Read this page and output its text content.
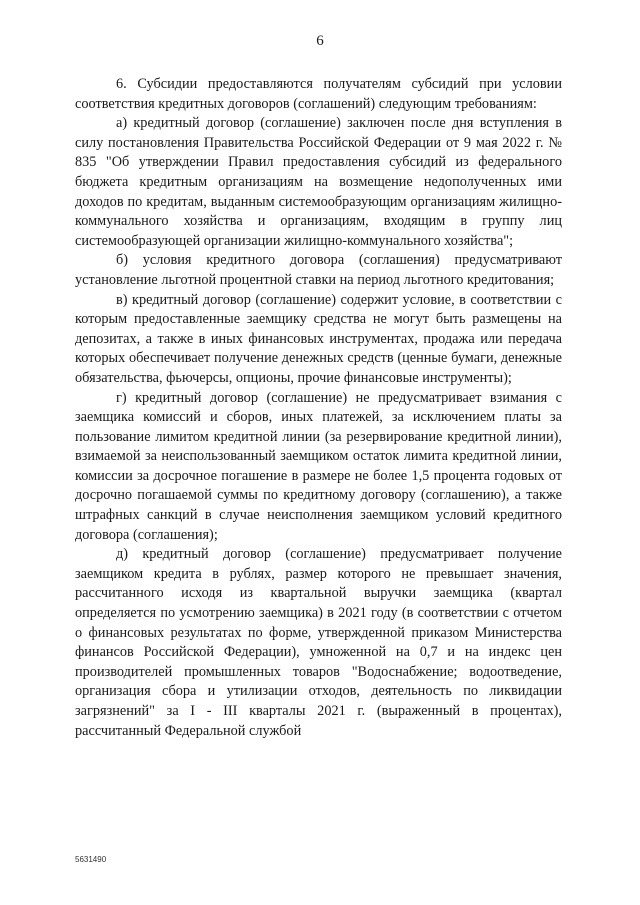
6

6. Субсидии предоставляются получателям субсидий при условии соответствия кредитных договоров (соглашений) следующим требованиям:

а) кредитный договор (соглашение) заключен после дня вступления в силу постановления Правительства Российской Федерации от 9 мая 2022 г. № 835 "Об утверждении Правил предоставления субсидий из федерального бюджета кредитным организациям на возмещение недополученных ими доходов по кредитам, выданным системообразующим организациям жилищно-коммунального хозяйства и организациям, входящим в группу лиц системообразующей организации жилищно-коммунального хозяйства";

б) условия кредитного договора (соглашения) предусматривают установление льготной процентной ставки на период льготного кредитования;

в) кредитный договор (соглашение) содержит условие, в соответствии с которым предоставленные заемщику средства не могут быть размещены на депозитах, а также в иных финансовых инструментах, продажа или передача которых обеспечивает получение денежных средств (ценные бумаги, денежные обязательства, фьючерсы, опционы, прочие финансовые инструменты);

г) кредитный договор (соглашение) не предусматривает взимания с заемщика комиссий и сборов, иных платежей, за исключением платы за пользование лимитом кредитной линии (за резервирование кредитной линии), взимаемой за неиспользованный заемщиком остаток лимита кредитной линии, комиссии за досрочное погашение в размере не более 1,5 процента годовых от досрочно погашаемой суммы по кредитному договору (соглашению), а также штрафных санкций в случае неисполнения заемщиком условий кредитного договора (соглашения);

д) кредитный договор (соглашение) предусматривает получение заемщиком кредита в рублях, размер которого не превышает значения, рассчитанного исходя из квартальной выручки заемщика (квартал определяется по усмотрению заемщика) в 2021 году (в соответствии с отчетом о финансовых результатах по форме, утвержденной приказом Министерства финансов Российской Федерации), умноженной на 0,7 и на индекс цен производителей промышленных товаров "Водоснабжение; водоотведение, организация сбора и утилизации отходов, деятельность по ликвидации загрязнений" за I - III кварталы 2021 г. (выраженный в процентах), рассчитанный Федеральной службой

5631490
